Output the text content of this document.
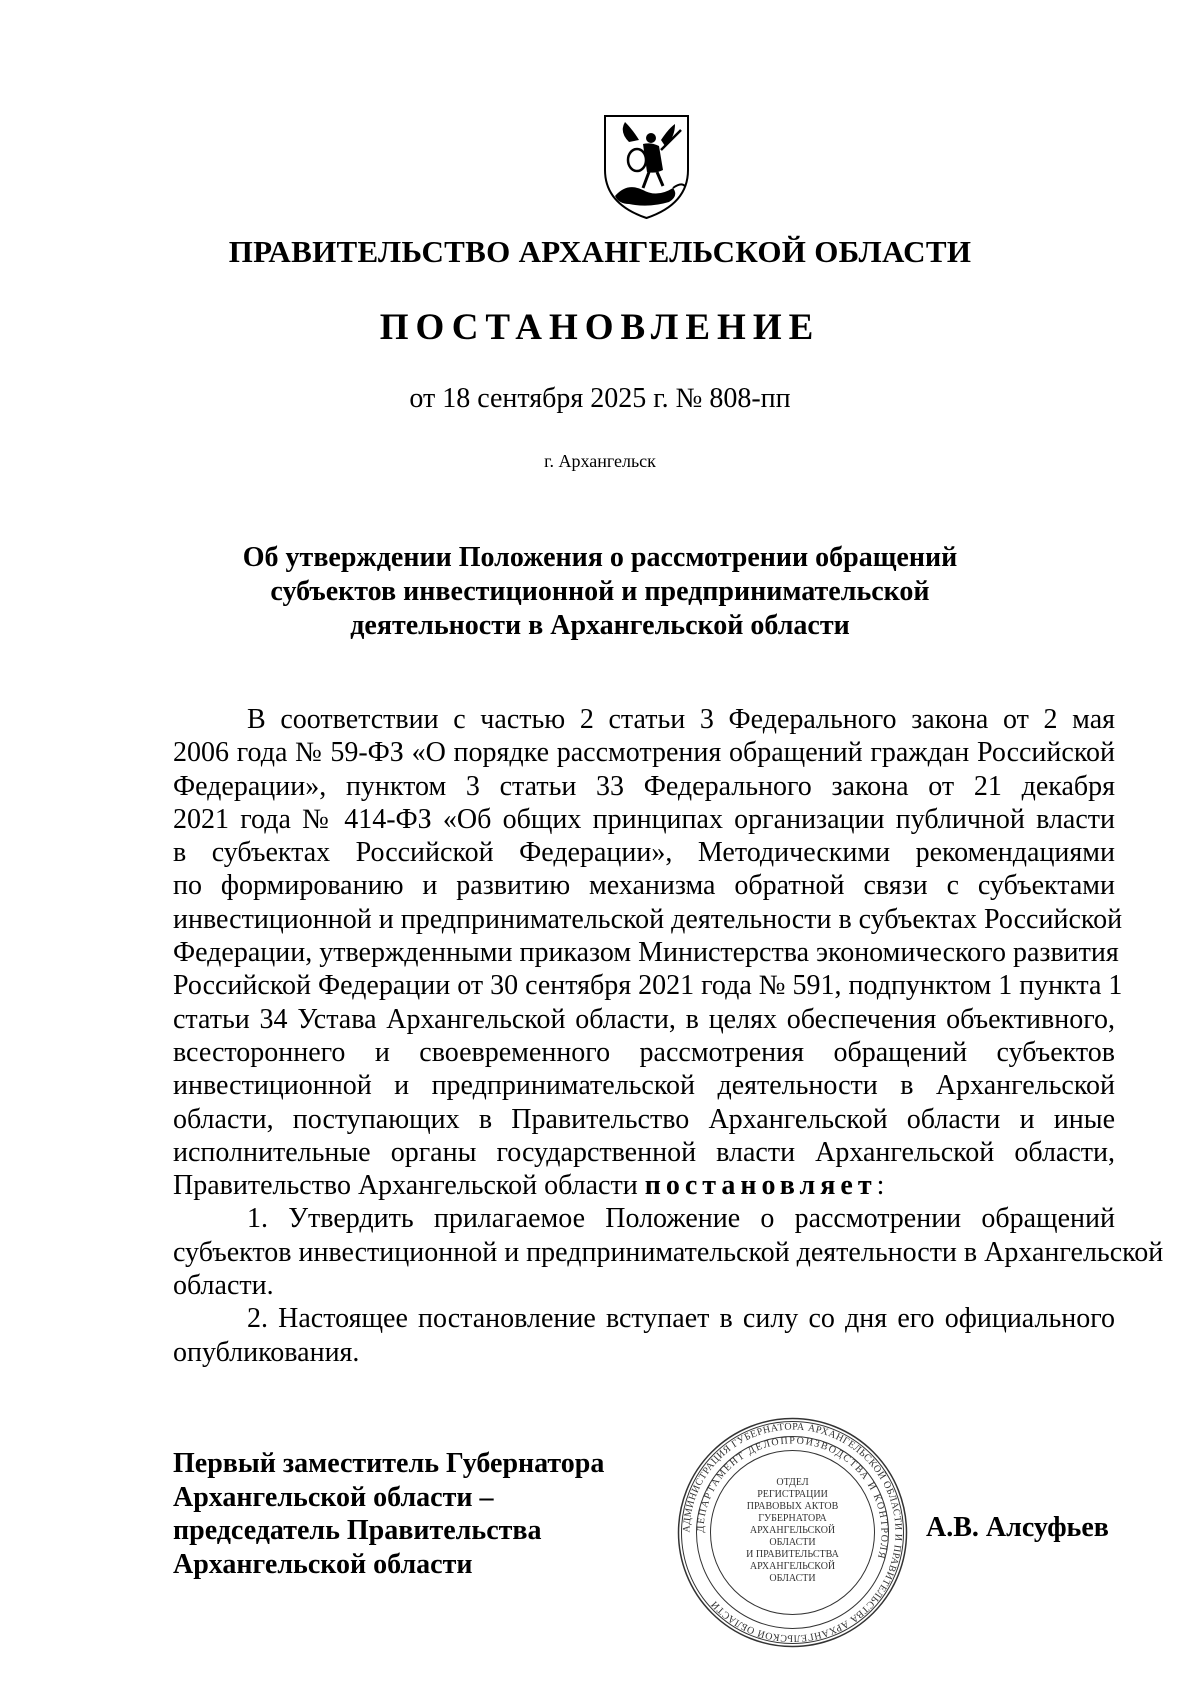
ПРАВИТЕЛЬСТВО АРХАНГЕЛЬСКОЙ ОБЛАСТИ
ПОСТАНОВЛЕНИЕ
от 18 сентября 2025 г. № 808-пп
г. Архангельск
Об утверждении Положения о рассмотрении обращений
субъектов инвестиционной и предпринимательской
деятельности в Архангельской области
В соответствии с частью 2 статьи 3 Федерального закона от 2 мая
2006 года № 59-ФЗ «О порядке рассмотрения обращений граждан Российской
Федерации», пунктом 3 статьи 33 Федерального закона от 21 декабря
2021 года № 414-ФЗ «Об общих принципах организации публичной власти
в субъектах Российской Федерации», Методическими рекомендациями
по формированию и развитию механизма обратной связи с субъектами
инвестиционной и предпринимательской деятельности в субъектах Российской
Федерации, утвержденными приказом Министерства экономического развития
Российской Федерации от 30 сентября 2021 года № 591, подпунктом 1 пункта 1
статьи 34 Устава Архангельской области, в целях обеспечения объективного,
всестороннего и своевременного рассмотрения обращений субъектов
инвестиционной и предпринимательской деятельности в Архангельской
области, поступающих в Правительство Архангельской области и иные
исполнительные органы государственной власти Архангельской области,
Правительство Архангельской области постановляет:
1. Утвердить прилагаемое Положение о рассмотрении обращений
субъектов инвестиционной и предпринимательской деятельности в Архангельской
области.
2. Настоящее постановление вступает в силу со дня его официального
опубликования.
Первый заместитель Губернатора
Архангельской области –
председатель Правительства
Архангельской области
АДМИНИСТРАЦИЯ ГУБЕРНАТОРА АРХАНГЕЛЬСКОЙ ОБЛАСТИ И ПРАВИТЕЛЬСТВА АРХАНГЕЛЬСКОЙ ОБЛАСТИ
ДЕПАРТАМЕНТ ДЕЛОПРОИЗВОДСТВА И КОНТРОЛЯ
ОТДЕЛ
РЕГИСТРАЦИИ
ПРАВОВЫХ АКТОВ
ГУБЕРНАТОРА
АРХАНГЕЛЬСКОЙ
ОБЛАСТИ
И ПРАВИТЕЛЬСТВА
АРХАНГЕЛЬСКОЙ
ОБЛАСТИ
А.В. Алсуфьев
